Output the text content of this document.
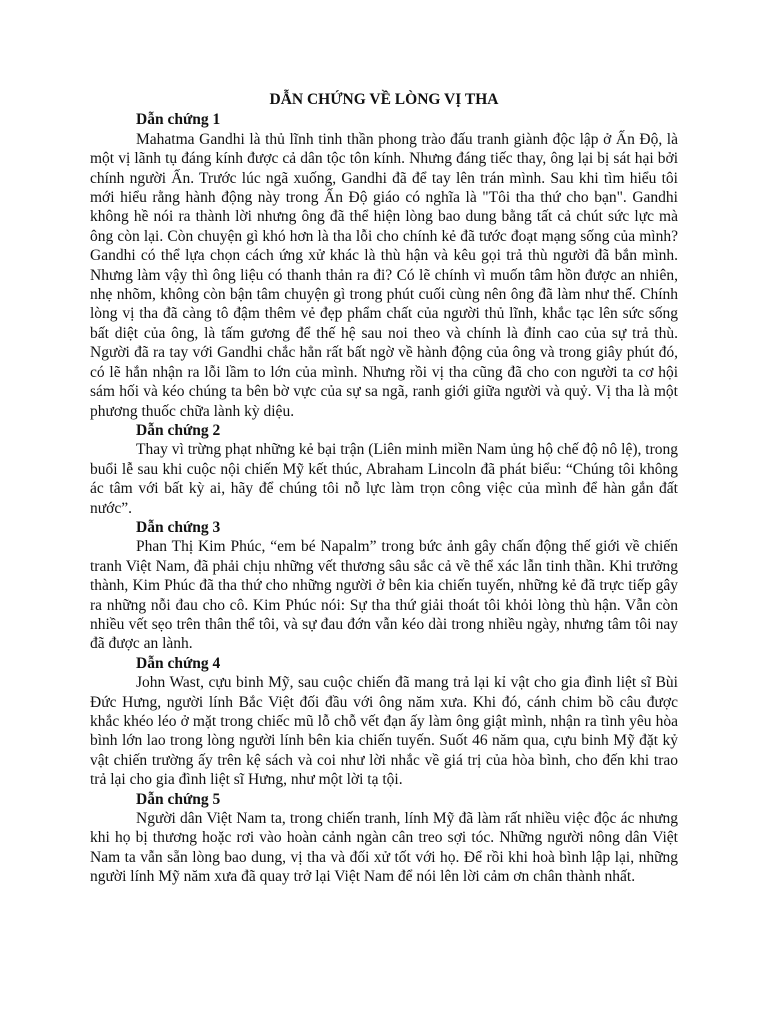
DẪN CHỨNG VỀ LÒNG VỊ THA

Dẫn chứng 1

Mahatma Gandhi là thủ lĩnh tinh thần phong trào đấu tranh giành độc lập ở Ấn Độ, là một vị lãnh tụ đáng kính được cả dân tộc tôn kính. Nhưng đáng tiếc thay, ông lại bị sát hại bởi chính người Ấn. Trước lúc ngã xuống, Gandhi đã để tay lên trán mình. Sau khi tìm hiểu tôi mới hiểu rằng hành động này trong Ấn Độ giáo có nghĩa là "Tôi tha thứ cho bạn". Gandhi không hề nói ra thành lời nhưng ông đã thể hiện lòng bao dung bằng tất cả chút sức lực mà ông còn lại. Còn chuyện gì khó hơn là tha lỗi cho chính kẻ đã tước đoạt mạng sống của mình? Gandhi có thể lựa chọn cách ứng xử khác là thù hận và kêu gọi trả thù người đã bắn mình. Nhưng làm vậy thì ông liệu có thanh thản ra đi? Có lẽ chính vì muốn tâm hồn được an nhiên, nhẹ nhõm, không còn bận tâm chuyện gì trong phút cuối cùng nên ông đã làm như thế. Chính lòng vị tha đã càng tô đậm thêm vẻ đẹp phẩm chất của người thủ lĩnh, khắc tạc lên sức sống bất diệt của ông, là tấm gương để thế hệ sau noi theo và chính là đỉnh cao của sự trả thù. Người đã ra tay với Gandhi chắc hẳn rất bất ngờ về hành động của ông và trong giây phút đó, có lẽ hắn nhận ra lỗi lầm to lớn của mình. Nhưng rồi vị tha cũng đã cho con người ta cơ hội sám hối và kéo chúng ta bên bờ vực của sự sa ngã, ranh giới giữa người và quỷ. Vị tha là một phương thuốc chữa lành kỳ diệu.

Dẫn chứng 2

Thay vì trừng phạt những kẻ bại trận (Liên minh miền Nam ủng hộ chế độ nô lệ), trong buổi lễ sau khi cuộc nội chiến Mỹ kết thúc, Abraham Lincoln đã phát biểu: “Chúng tôi không ác tâm với bất kỳ ai, hãy để chúng tôi nỗ lực làm trọn công việc của mình để hàn gắn đất nước”.

Dẫn chứng 3

Phan Thị Kim Phúc, “em bé Napalm” trong bức ảnh gây chấn động thế giới về chiến tranh Việt Nam, đã phải chịu những vết thương sâu sắc cả về thể xác lẫn tinh thần. Khi trưởng thành, Kim Phúc đã tha thứ cho những người ở bên kia chiến tuyến, những kẻ đã trực tiếp gây ra những nỗi đau cho cô. Kim Phúc nói: Sự tha thứ giải thoát tôi khỏi lòng thù hận. Vẫn còn nhiều vết sẹo trên thân thể tôi, và sự đau đớn vẫn kéo dài trong nhiều ngày, nhưng tâm tôi nay đã được an lành.

Dẫn chứng 4

John Wast, cựu binh Mỹ, sau cuộc chiến đã mang trả lại kỉ vật cho gia đình liệt sĩ Bùi Đức Hưng, người lính Bắc Việt đối đầu với ông năm xưa. Khi đó, cánh chim bồ câu được khắc khéo léo ở mặt trong chiếc mũ lỗ chỗ vết đạn ấy làm ông giật mình, nhận ra tình yêu hòa bình lớn lao trong lòng người lính bên kia chiến tuyến. Suốt 46 năm qua, cựu binh Mỹ đặt kỷ vật chiến trường ấy trên kệ sách và coi như lời nhắc về giá trị của hòa bình, cho đến khi trao trả lại cho gia đình liệt sĩ Hưng, như một lời tạ tội.

Dẫn chứng 5

Người dân Việt Nam ta, trong chiến tranh, lính Mỹ đã làm rất nhiều việc độc ác nhưng khi họ bị thương hoặc rơi vào hoàn cảnh ngàn cân treo sợi tóc. Những người nông dân Việt Nam ta vẫn sẵn lòng bao dung, vị tha và đối xử tốt với họ. Để rồi khi hoà bình lập lại, những người lính Mỹ năm xưa đã quay trở lại Việt Nam để nói lên lời cảm ơn chân thành nhất.
